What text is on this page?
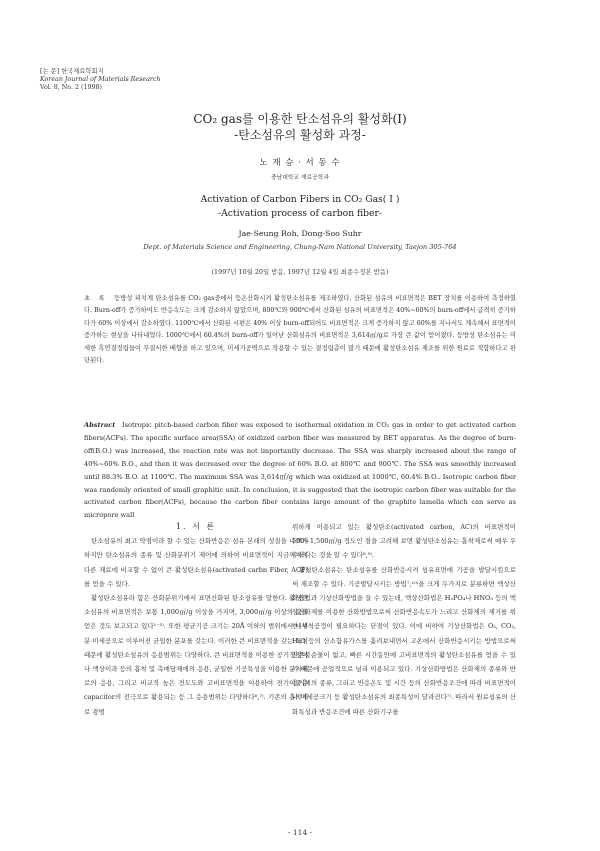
[논 문] 한국재료학회지
Korean Journal of Materials Research
Vol. 8, No. 2 (1998)
CO₂ gas를 이용한 탄소섬유의 활성화(Ⅰ)
-탄소섬유의 활성화 과정-
노 재 승 · 서 동 수
충남대학교 재료공학과
Activation of Carbon Fibers in CO₂ Gas( Ⅰ )
-Activation process of carbon fiber-
Jae-Seung Roh, Dong-Soo Suhr
Dept. of Materials Science and Engineering, Chung-Nam National University, Taejon 305-764
(1997년 10월 20일 받음, 1997년 12월 4일 최종수정본 받음)
초 록 등방성 피치계 탄소섬유를 CO₂ gas중에서 등온산화시켜 활성탄소섬유를 제조하였다. 산화된 섬유의 비표면적은 BET 장치를 이용하여 측정하였다. Burn-off가 증가하여도 반응속도는 크게 감소하지 않았으며, 800℃와 900℃에서 산화된 섬유의 비표면적은 40%~60%의 burn-off에서 급격히 증가하다가 60% 이상에서 감소하였다. 1100℃에서 산화된 시편은 40% 이상 burn-off되어도 비표면적은 크게 증가하지 않고 60%를 지나서도 계속해서 표면적이 증가하는 현상을 나타내었다. 1000℃에서 60.4%의 burn-off가 일어난 산화섬유의 비표면적은 3,614㎡/g로 가장 큰 값이 얻어졌다. 등방성 탄소섬유는 미세한 흑연결정립들이 무질서한 배향을 하고 있으며, 미세기공벽으로 작용할 수 있는 결정립층이 많기 때문에 활성탄소섬유 제조를 위한 원료로 적합하다고 판단된다.
Abstract Isotropic pitch-based carbon fiber was exposed to isothermal oxidation in CO₂ gas in order to get activated carbon fibers(ACFs). The specific surface area(SSA) of oxidized carbon fiber was measured by BET apparatus. As the degree of burn-off(B.O.) was increased, the reaction rate was not importantly decrease. The SSA was sharply increased about the range of 40%~60% B.O., and then it was decreased over the degree of 60% B.O. at 800℃ and 900℃. The SSA was smoothly increased until 88.3% B.O. at 1100℃. The maximum SSA was 3,614㎡/g which was oxidized at 1000℃, 60.4% B.O.. Isotropic carbon fiber was randomly oriented of small graphitic unit. In conclusion, it is suggested that the isotropic carbon fiber was suitable for the activated carbon fiber(ACFs), because the carbon fiber contains large amount of the graphite lamella which can serve as micropore wall

1. 서 론

탄소섬유의 최고 약점이라 할 수 있는 산화반응은 섬유 본래의 성질을 나쁘게 하지만 탄소섬유의 종류 및 산화분위기 제어에 의하여 비표면적이 지금까지의 다른 재료에 비교할 수 없이 큰 활성탄소섬유(activated carbn Fiber, ACF)를 얻을 수 있다.

활성탄소섬유라 함은 산화분위기에서 표면산화된 탄소섬유를 말한다. 활성탄소섬유의 비표면적은 보통 1,000㎡/g 이상을 가지며, 3,000㎡/g 이상의 값을 얻은 것도 보고되고 있다¹⁻⁵⁾. 또한 평균기공 크기는 20Å 이하의 범위에서 대부분 미세공으로 이루어진 균일한 분포를 갖는다. 이러한 큰 비표면적을 갖는 특성 때문에 활성탄소섬유의 응용범위는 다양하다. 큰 비표면적을 이용한 공기정정이나 액상이과 등의 흡착 및 촉매담체에의 응용, 균일한 기공특성을 이용한 분자체로의 응용, 그리고 비교적 높은 전도도와 고비표면적을 이용하여 전기이중층 capacitor의 전극으로 활용되는 등 그 응용범위는 다양하다⁶,⁷⁾. 기존의 흡착제로 광범

위하게 이용되고 있는 활성탄소(activated carbon, AC)의 비표면적이 500~1,500㎡/g 정도인 점을 고려해 보면 활성탄소섬유는 흡착제로써 매우 우수하다는 것을 알 수 있다⁸,⁹⁾.

활성탄소섬유는 탄소섬유를 산화반응시켜 섬유표면에 기공을 발달시킴으로써 제조할 수 있다. 기공발달시키는 방법⁷,¹⁰⁾을 크게 두가지로 분류하면 액상산화방법과 기상산화방법을 들 수 있는데, 액상산화법은 H₃PO₄나 HNO₃ 등의 액상산화제를 이용한 산화방법으로써 산화반응속도가 느리고 산화제의 제거를 위한 세척공정이 필요하다는 단점이 있다. 이에 비하여 기상산화법은 O₂, CO₂, H₂O 등의 산소함유가스를 흘려보내면서 고온에서 산화반응시키는 방법으로써 잔존불순물이 없고, 빠른 시간동안에 고비표면적의 활성탄소섬유를 얻을 수 있기 때문에 공업적으로 널리 이용되고 있다. 기상산화방법은 산화제의 종류와 반응기체의 종류, 그리고 반응온도 및 시간 등의 산화반응조건에 따라 비표면적이나 미세공크기 등 활성탄소섬유의 최종특성이 달라진다⁷⁾. 따라서 원료섬유의 산화특성과 반응조건에 따른 산화기구를

- 114 -
